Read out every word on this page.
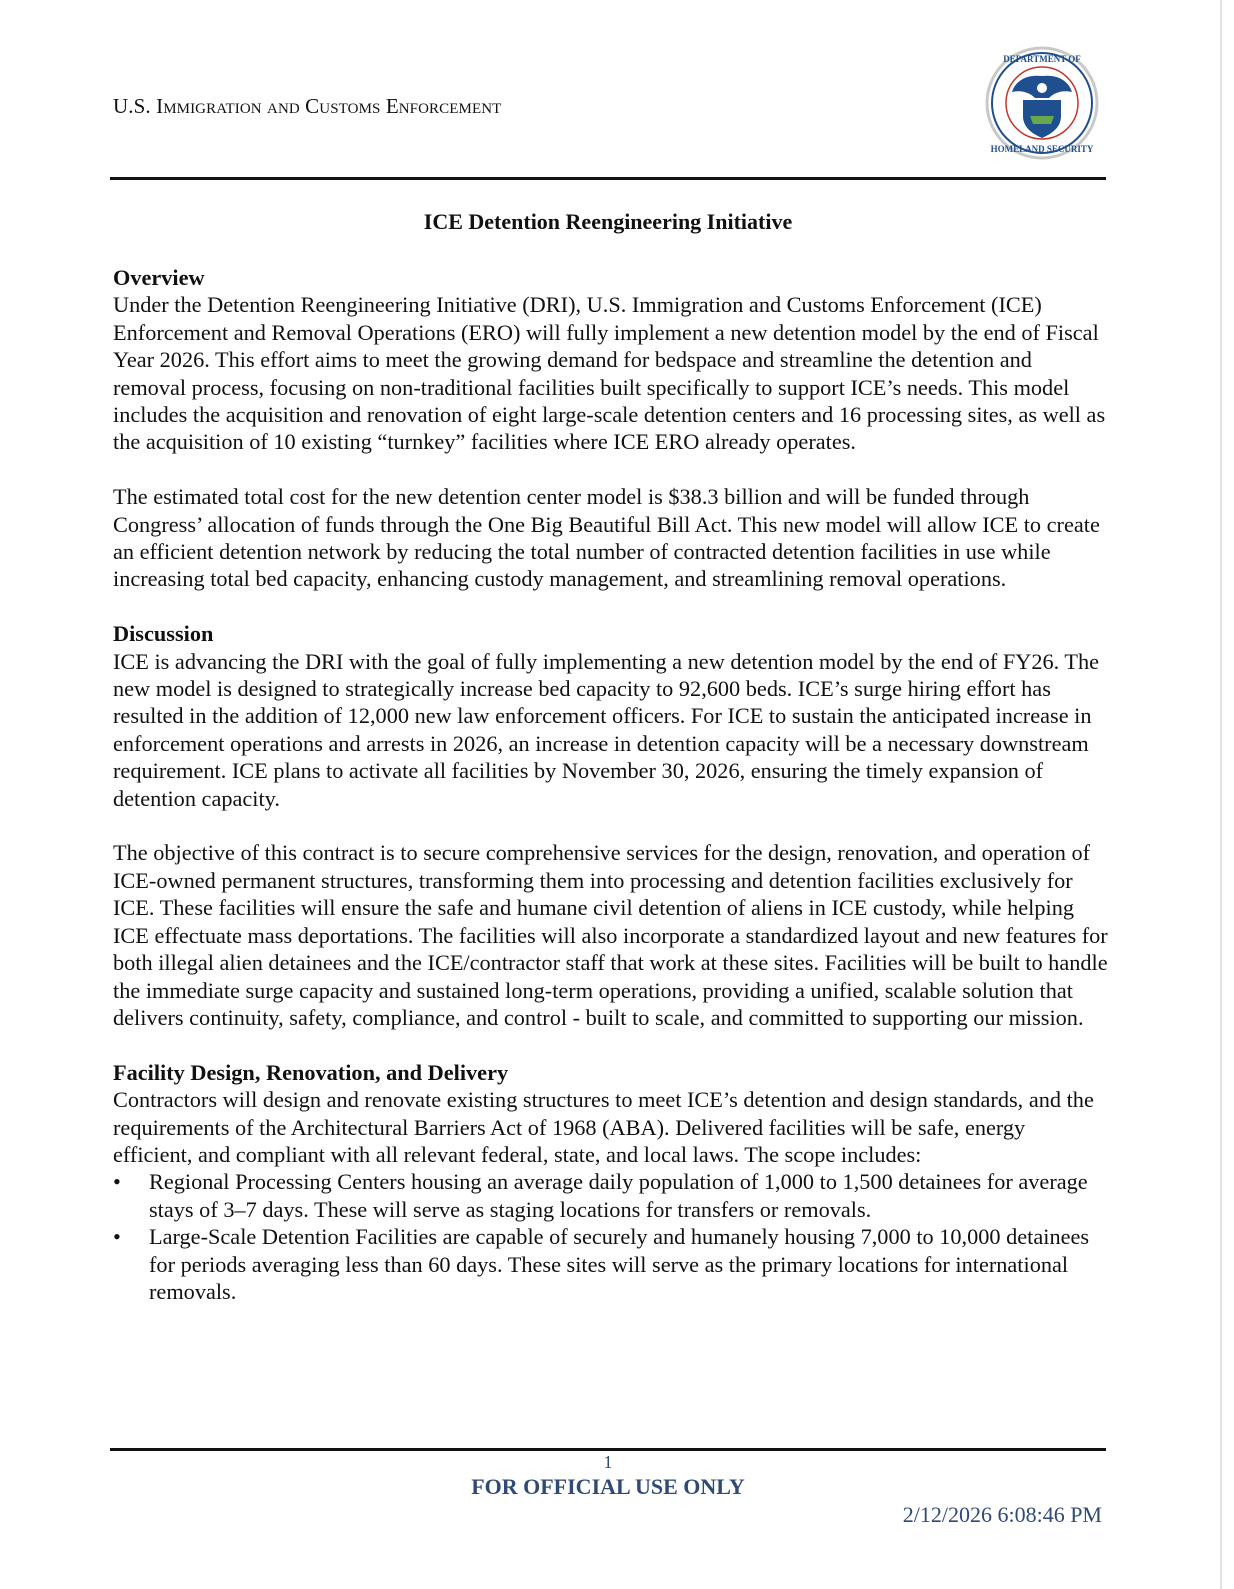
U.S. Immigration and Customs Enforcement
DEPARTMENT OF
HOMELAND SECURITY
ICE Detention Reengineering Initiative
Overview

Under the Detention Reengineering Initiative (DRI), U.S. Immigration and Customs Enforcement (ICE) Enforcement and Removal Operations (ERO) will fully implement a new detention model by the end of Fiscal Year 2026. This effort aims to meet the growing demand for bedspace and streamline the detention and removal process, focusing on non-traditional facilities built specifically to support ICE’s needs. This model includes the acquisition and renovation of eight large-scale detention centers and 16 processing sites, as well as the acquisition of 10 existing “turnkey” facilities where ICE ERO already operates.

The estimated total cost for the new detention center model is $38.3 billion and will be funded through Congress’ allocation of funds through the One Big Beautiful Bill Act. This new model will allow ICE to create an efficient detention network by reducing the total number of contracted detention facilities in use while increasing total bed capacity, enhancing custody management, and streamlining removal operations.

Discussion

ICE is advancing the DRI with the goal of fully implementing a new detention model by the end of FY26. The new model is designed to strategically increase bed capacity to 92,600 beds. ICE’s surge hiring effort has resulted in the addition of 12,000 new law enforcement officers. For ICE to sustain the anticipated increase in enforcement operations and arrests in 2026, an increase in detention capacity will be a necessary downstream requirement. ICE plans to activate all facilities by November 30, 2026, ensuring the timely expansion of detention capacity.

The objective of this contract is to secure comprehensive services for the design, renovation, and operation of ICE-owned permanent structures, transforming them into processing and detention facilities exclusively for ICE. These facilities will ensure the safe and humane civil detention of aliens in ICE custody, while helping ICE effectuate mass deportations. The facilities will also incorporate a standardized layout and new features for both illegal alien detainees and the ICE/contractor staff that work at these sites. Facilities will be built to handle the immediate surge capacity and sustained long-term operations, providing a unified, scalable solution that delivers continuity, safety, compliance, and control - built to scale, and committed to supporting our mission.

Facility Design, Renovation, and Delivery

Contractors will design and renovate existing structures to meet ICE’s detention and design standards, and the requirements of the Architectural Barriers Act of 1968 (ABA). Delivered facilities will be safe, energy efficient, and compliant with all relevant federal, state, and local laws. The scope includes:

• Regional Processing Centers housing an average daily population of 1,000 to 1,500 detainees for average stays of 3–7 days. These will serve as staging locations for transfers or removals.
• Large-Scale Detention Facilities are capable of securely and humanely housing 7,000 to 10,000 detainees for periods averaging less than 60 days. These sites will serve as the primary locations for international removals.
1
FOR OFFICIAL USE ONLY
2/12/2026 6:08:46 PM
